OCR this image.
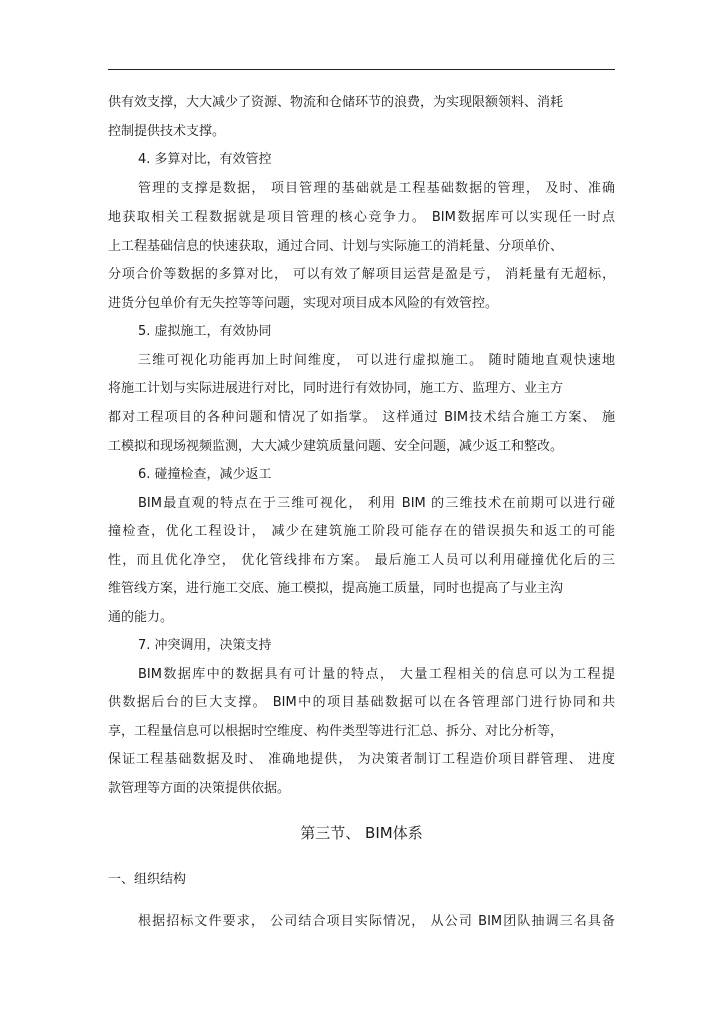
供有效支撑，大大减少了资源、物流和仓储环节的浪费，为实现限额领料、消耗
控制提供技术支撑。
4. 多算对比，有效管控
管理的支撑是数据， 项目管理的基础就是工程基础数据的管理， 及时、准确
地获取相关工程数据就是项目管理的核心竞争力。 BIM数据库可以实现任一时点
上工程基础信息的快速获取，通过合同、计划与实际施工的消耗量、分项单价、
分项合价等数据的多算对比， 可以有效了解项目运营是盈是亏， 消耗量有无超标，
进货分包单价有无失控等等问题，实现对项目成本风险的有效管控。
5. 虚拟施工，有效协同
三维可视化功能再加上时间维度， 可以进行虚拟施工。 随时随地直观快速地
将施工计划与实际进展进行对比，同时进行有效协同，施工方、监理方、业主方
都对工程项目的各种问题和情况了如指掌。 这样通过 BIM技术结合施工方案、 施
工模拟和现场视频监测，大大减少建筑质量问题、安全问题，减少返工和整改。
6. 碰撞检查，减少返工
BIM最直观的特点在于三维可视化， 利用 BIM 的三维技术在前期可以进行碰
撞检查，优化工程设计， 减少在建筑施工阶段可能存在的错误损失和返工的可能
性，而且优化净空， 优化管线排布方案。 最后施工人员可以利用碰撞优化后的三
维管线方案，进行施工交底、施工模拟，提高施工质量，同时也提高了与业主沟
通的能力。
7. 冲突调用，决策支持
BIM数据库中的数据具有可计量的特点， 大量工程相关的信息可以为工程提
供数据后台的巨大支撑。 BIM中的项目基础数据可以在各管理部门进行协同和共
享，工程量信息可以根据时空维度、构件类型等进行汇总、拆分、对比分析等，
保证工程基础数据及时、 准确地提供， 为决策者制订工程造价项目群管理、 进度
款管理等方面的决策提供依据。
第三节、 BIM体系
一、组织结构
根据招标文件要求， 公司结合项目实际情况， 从公司 BIM团队抽调三名具备
